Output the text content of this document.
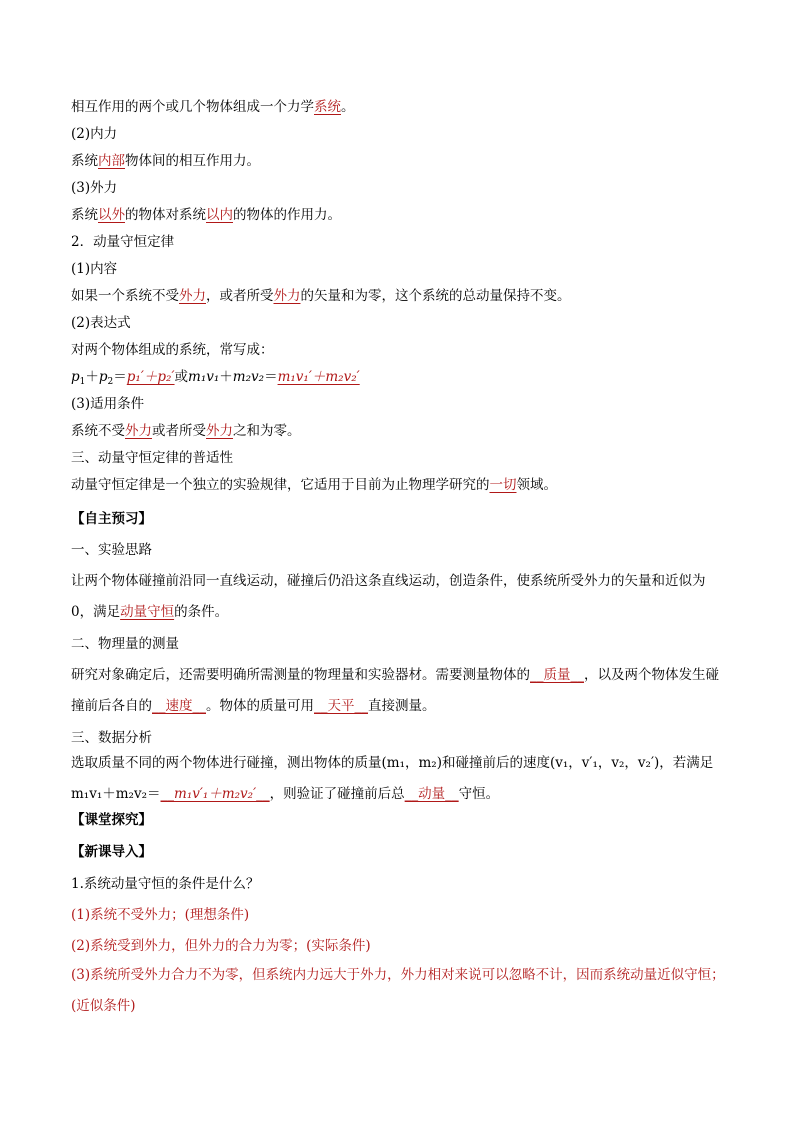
相互作用的两个或几个物体组成一个力学系统。
(2)内力
系统内部物体间的相互作用力。
(3)外力
系统以外的物体对系统以内的物体的作用力。
2．动量守恒定律
(1)内容
如果一个系统不受外力，或者所受外力的矢量和为零，这个系统的总动量保持不变。
(2)表达式
对两个物体组成的系统，常写成：
$p_1+p_2=p_1'+p_2'$或m₁v₁＋m₂v₂＝m₁v₁′＋m₂v₂′
(3)适用条件
系统不受外力或者所受外力之和为零。
三、动量守恒定律的普适性
动量守恒定律是一个独立的实验规律，它适用于目前为止物理学研究的一切领域。
【自主预习】
一、实验思路
让两个物体碰撞前沿同一直线运动，碰撞后仍沿这条直线运动，创造条件，使系统所受外力的矢量和近似为 0，满足动量守恒的条件。
二、物理量的测量
研究对象确定后，还需要明确所需测量的物理量和实验器材。需要测量物体的__质量__，以及两个物体发生碰撞前后各自的__速度__。物体的质量可用__天平__直接测量。
三、数据分析
选取质量不同的两个物体进行碰撞，测出物体的质量(m₁，m₂)和碰撞前后的速度(v₁，v′₁，v₂，v₂′)，若满足 m₁v₁＋m₂v₂＝__m₁v′₁＋m₂v₂′__，则验证了碰撞前后总__动量__守恒。
【课堂探究】
【新课导入】
1.系统动量守恒的条件是什么？
(1)系统不受外力；(理想条件)
(2)系统受到外力，但外力的合力为零；(实际条件)
(3)系统所受外力合力不为零，但系统内力远大于外力，外力相对来说可以忽略不计，因而系统动量近似守恒；(近似条件)
